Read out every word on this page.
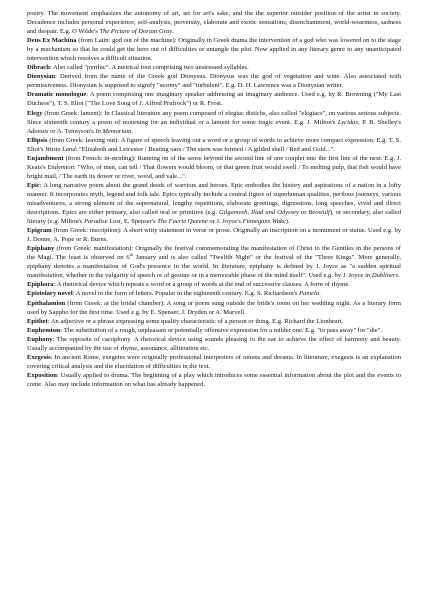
poetry. The movement emphasizes the autonomy of art, art for art's sake, and the the superior outsider position of the artist in society. Decadence includes personal experience, self-analysis, perversity, elaborate and exotic sensations, disenchantment, world-weariness, sadness and despair. E.g. O Wilde's The Picture of Dorian Gray.

Deus Ex Machina (from Latin: god out of the machine): Originally in Greek drama the intervention of a god who was lowered on to the stage by a mechanism so that he could get the hero out of difficulties or untangle the plot. Now applied in any literary genre to any unanticipated intervention which resolves a difficult situation.

Dibrach: Also called "pyrrhic". A metrical foot comprising two unstressed syllables.

Dionysian: Derived from the name of the Greek god Dionysus. Dionysus was the god of vegetation and wine. Also associated with permissiveness. Dionysian is supposed to signify "stormy" and "turbulent". E.g. D. H. Lawrence was a Dionysian writer.

Dramatic monologue: A poem comprising one imaginary speaker addressing an imaginary audience. Used e.g. by R. Browning ("My Last Duchess"), T. S. Eliot ("The Love Song of J. Alfred Prufrock") or R. Frost.

Elegy (from Greek: lament): In Classical literature any poem composed of elegiac distichs, also called "elegiacs", on various serious subjects. Since sixteenth century a poem of mourning for an individual or a lament for some tragic event. E.g. J. Milton's Lycidas, P. B. Shelley's Adonais or A. Tennyson's In Memoriam.

Ellipsis (from Greek: leaving out): A figure of speech leaving out a word or a group of words to achieve more compact expression. E.g. T. S. Eliot's Waste Land: "Elizabeth and Leicester / Beating oars / The stern was formed / A gilded shell / Red and Gold...".

Enjambment (from French: in-striding): Running on of the sense beyond the second line of one couplet into the first line of the next. E.g. J. Keats's Endymion: "Who, of men, can tell / That flowers would bloom, or that green fruit would swell / To melting pulp, that fish would have bright mail, / The earth its dower or river, wood, and vale...".

Epic: A long narrative poem about the grand deeds of warriors and heroes. Epic embodies the history and aspirations of a nation in a lofty manner. It incorporates myth, legend and folk tale. Epics typically include a central figure of superhuman qualities, perilous journeys, various misadventures, a strong element of the supernatural, lengthy repetitions, elaborate greetings, digressions, long speeches, vivid and direct descriptions. Epics are either primary, also called oral or primitive (e.g. Gilgamesh, Iliad and Odyssey or Beowulf), or secondary, also called literary (e.g. Milton's Paradise Lost, E. Spenser's The Faerie Queene or J. Joyce's Finnegans Wake).

Epigram (from Greek: inscription): A short witty statement in verse or prose. Originally an inscription on a monument or statue. Used e.g. by J. Donne, A. Pope or R. Burns.

Epiphany (from Greek: manifestation): Originally the festival commemorating the manifestation of Christ to the Gentiles in the persons of the Magi. The feast is observed on 6th January and is also called "Twelfth Night" or the festival of the "Three Kings". More generally, epiphany denotes a manifestation of God's presence in the world. In literature, epiphany is defined by J. Joyce as "a sudden spiritual manifestation, whether in the vulgarity of speech or of gesture or in a memorable phase of the mind itself". Used e.g. by J. Joyce in Dubliners.

Epiphora: A rhetorical device which repeats a word or a group of words at the end of successive clauses. A form of rhyme.

Epistolary novel: A novel in the form of letters. Popular in the eighteenth century. E.g. S. Richardson's Pamela.

Epithalamion (from Greek: at the bridal chamber): A song or poem sung outside the bride's room on her wedding night. As a literary form used by Sappho for the first time. Used e.g. by E. Spenser, J. Dryden or A. Marvell.

Epithet: An adjective or a phrase expressing some quality characteristic of a person or thing. E.g. Richard the Lionheart.

Euphemism: The substitution of a rough, unpleasant or potentially offensive expression for a milder one. E.g. "to pass away" for "die".

Euphony: The opposite of cacophony. A rhetorical device using sounds pleasing to the ear to achieve the effect of harmony and beauty. Usually accompanied by the use of rhyme, assonance, alliteration etc.

Exegesis: In ancient Rome, exegetes were originally professional interpreters of omens and dreams. In literature, exegesis is an explanation covering critical analysis and the elucidation of difficulties in the text.

Exposition: Usually applied to drama. The beginning of a play which introduces some essential information about the plot and the events to come. Also may include information on what has already happened.
